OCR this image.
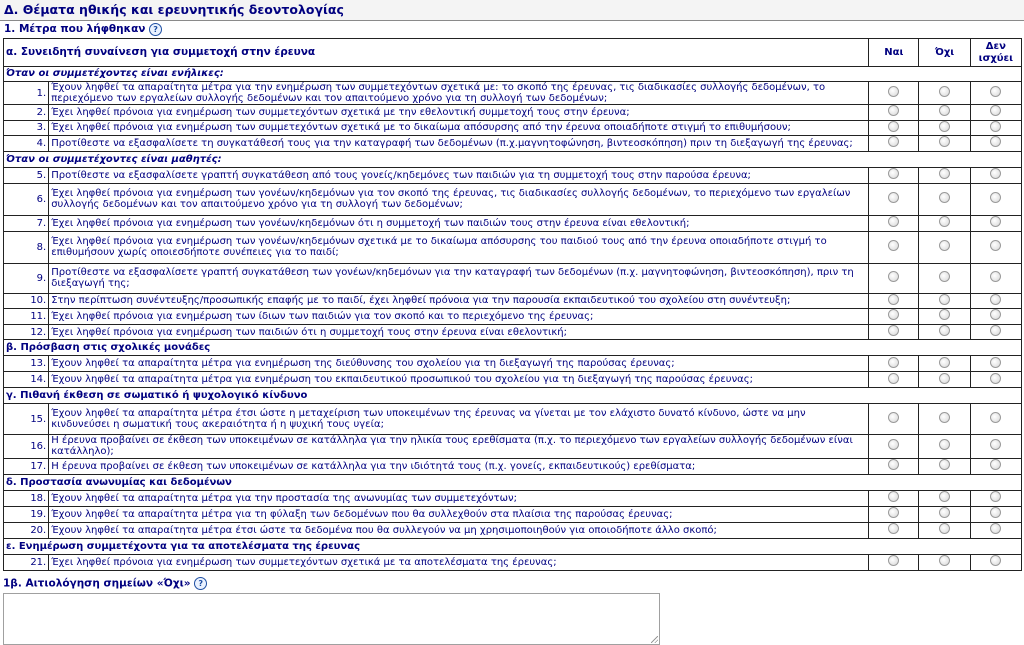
Δ. Θέματα ηθικής και ερευνητικής δεοντολογίας
1. Μέτρα που λήφθηκαν ?
α. Συνειδητή συναίνεση για συμμετοχή στην έρευνα		Ναι	Όχι	Δεν
ισχύει
Όταν οι συμμετέχοντες είναι ενήλικες:				
1.	Έχουν ληφθεί τα απαραίτητα μέτρα για την ενημέρωση των συμμετεχόντων σχετικά με: το σκοπό της έρευνας, τις διαδικασίες συλλογής δεδομένων, το περιεχόμενο των εργαλείων συλλογής δεδομένων και τον απαιτούμενο χρόνο για τη συλλογή των δεδομένων;			
2.	Έχει ληφθεί πρόνοια για ενημέρωση των συμμετεχόντων σχετικά με την εθελοντική συμμετοχή τους στην έρευνα;			
3.	Έχει ληφθεί πρόνοια για ενημέρωση των συμμετεχόντων σχετικά με το δικαίωμα απόσυρσης από την έρευνα οποιαδήποτε στιγμή το επιθυμήσουν;			
4.	Προτίθεστε να εξασφαλίσετε τη συγκατάθεσή τους για την καταγραφή των δεδομένων (π.χ.μαγνητοφώνηση, βιντεοσκόπηση) πριν τη διεξαγωγή της έρευνας;			
Όταν οι συμμετέχοντες είναι μαθητές:				
5.	Προτίθεστε να εξασφαλίσετε γραπτή συγκατάθεση από τους γονείς/κηδεμόνες των παιδιών για τη συμμετοχή τους στην παρούσα έρευνα;			
6.	Έχει ληφθεί πρόνοια για ενημέρωση των γονέων/κηδεμόνων για τον σκοπό της έρευνας, τις διαδικασίες συλλογής δεδομένων, το περιεχόμενο των εργαλείων συλλογής δεδομένων και τον απαιτούμενο χρόνο για τη συλλογή των δεδομένων;			
7.	Έχει ληφθεί πρόνοια για ενημέρωση των γονέων/κηδεμόνων ότι η συμμετοχή των παιδιών τους στην έρευνα είναι εθελοντική;			
8.	Έχει ληφθεί πρόνοια για ενημέρωση των γονέων/κηδεμόνων σχετικά με το δικαίωμα απόσυρσης του παιδιού τους από την έρευνα οποιαδήποτε στιγμή το επιθυμήσουν χωρίς οποιεσδήποτε συνέπειες για το παιδί;			
9.	Προτίθεστε να εξασφαλίσετε γραπτή συγκατάθεση των γονέων/κηδεμόνων για την καταγραφή των δεδομένων (π.χ. μαγνητοφώνηση, βιντεοσκόπηση), πριν τη διεξαγωγή της;			
10.	Στην περίπτωση συνέντευξης/προσωπικής επαφής με το παιδί, έχει ληφθεί πρόνοια για την παρουσία εκπαιδευτικού του σχολείου στη συνέντευξη;			
11.	Έχει ληφθεί πρόνοια για ενημέρωση των ίδιων των παιδιών για τον σκοπό και το περιεχόμενο της έρευνας;			
12.	Έχει ληφθεί πρόνοια για ενημέρωση των παιδιών ότι η συμμετοχή τους στην έρευνα είναι εθελοντική;			
β. Πρόσβαση στις σχολικές μονάδες				
13.	Έχουν ληφθεί τα απαραίτητα μέτρα για ενημέρωση της διεύθυνσης του σχολείου για τη διεξαγωγή της παρούσας έρευνας;			
14.	Έχουν ληφθεί τα απαραίτητα μέτρα για ενημέρωση του εκπαιδευτικού προσωπικού του σχολείου για τη διεξαγωγή της παρούσας έρευνας;			
γ. Πιθανή έκθεση σε σωματικό ή ψυχολογικό κίνδυνο				
15.	Έχουν ληφθεί τα απαραίτητα μέτρα έτσι ώστε η μεταχείριση των υποκειμένων της έρευνας να γίνεται με τον ελάχιστο δυνατό κίνδυνο, ώστε να μην κινδυνεύσει η σωματική τους ακεραιότητα ή η ψυχική τους υγεία;			
16.	Η έρευνα προβαίνει σε έκθεση των υποκειμένων σε κατάλληλα για την ηλικία τους ερεθίσματα (π.χ. το περιεχόμενο των εργαλείων συλλογής δεδομένων είναι κατάλληλο);			
17.	Η έρευνα προβαίνει σε έκθεση των υποκειμένων σε κατάλληλα για την ιδιότητά τους (π.χ. γονείς, εκπαιδευτικούς) ερεθίσματα;			
δ. Προστασία ανωνυμίας και δεδομένων				
18.	Έχουν ληφθεί τα απαραίτητα μέτρα για την προστασία της ανωνυμίας των συμμετεχόντων;			
19.	Έχουν ληφθεί τα απαραίτητα μέτρα για τη φύλαξη των δεδομένων που θα συλλεχθούν στα πλαίσια της παρούσας έρευνας;			
20.	Έχουν ληφθεί τα απαραίτητα μέτρα έτσι ώστε τα δεδομένα που θα συλλεγούν να μη χρησιμοποιηθούν για οποιοδήποτε άλλο σκοπό;			
ε. Ενημέρωση συμμετέχοντα για τα αποτελέσματα της έρευνας				
21.	Έχει ληφθεί πρόνοια για ενημέρωση των συμμετεχόντων σχετικά με τα αποτελέσματα της έρευνας;			
1β. Αιτιολόγηση σημείων «Όχι» ?
